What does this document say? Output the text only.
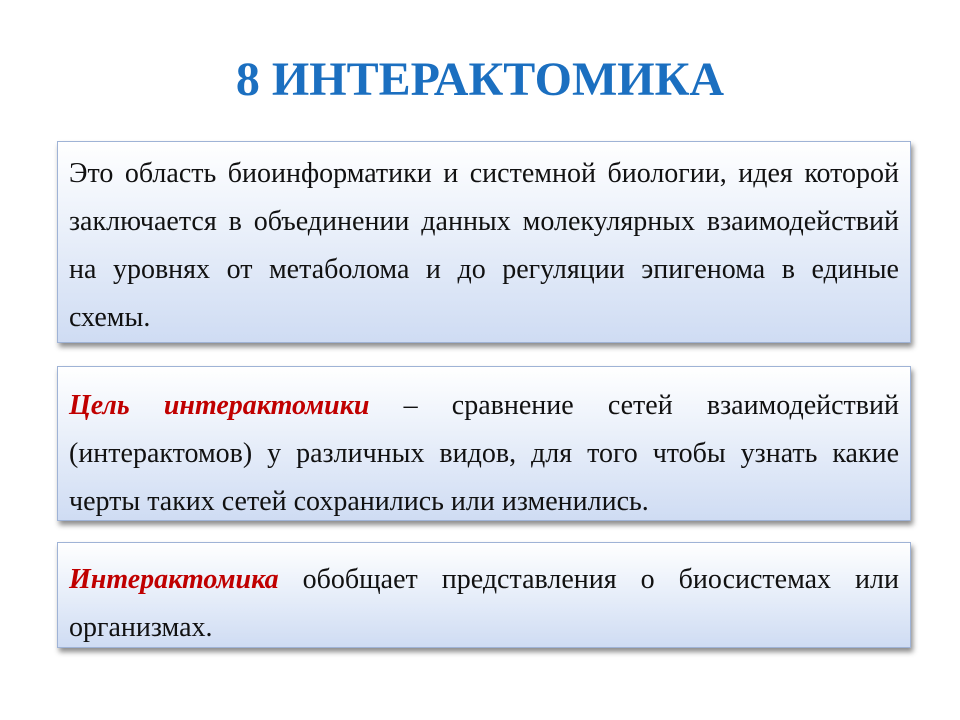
8 ИНТЕРАКТОМИКА
Это область биоинформатики и системной биологии, идея которой заключается в объединении данных молекулярных взаимодействий на уровнях от метаболома и до регуляции эпигенома в единые схемы.
Цель интерактомики – сравнение сетей взаимодействий (интерактомов) у различных видов, для того чтобы узнать какие черты таких сетей сохранились или изменились.
Интерактомика обобщает представления о биосистемах или организмах.
